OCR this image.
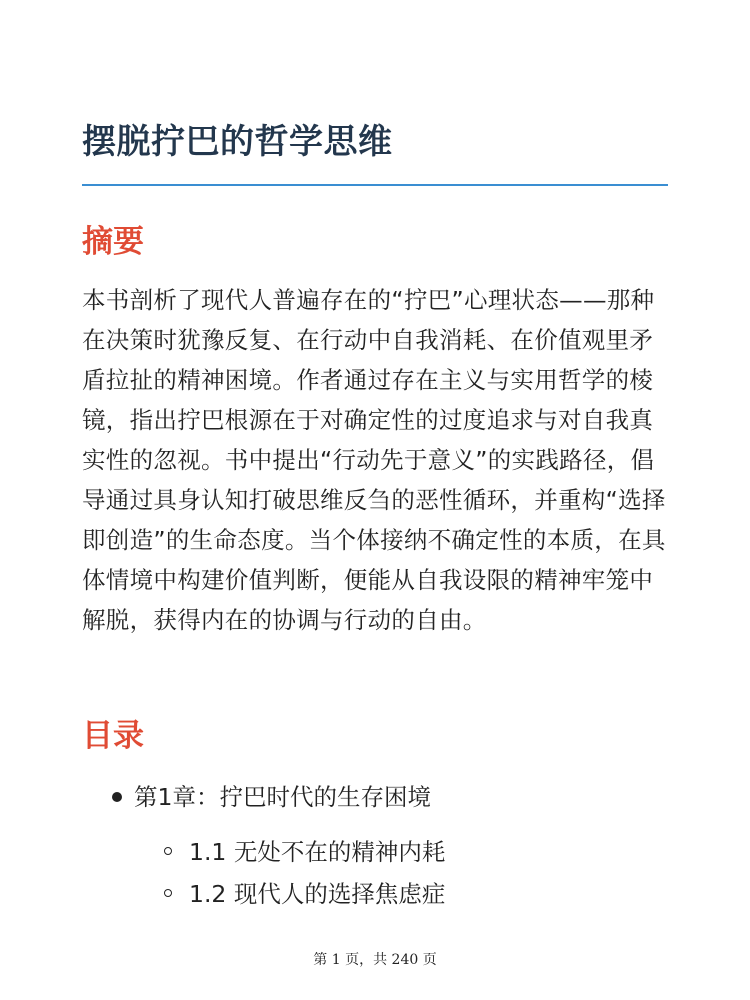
摆脱拧巴的哲学思维
摘要

本书剖析了现代人普遍存在的“拧巴”心理状态——那种在决策时犹豫反复、在行动中自我消耗、在价值观里矛盾拉扯的精神困境。作者通过存在主义与实用哲学的棱镜，指出拧巴根源在于对确定性的过度追求与对自我真实性的忽视。书中提出“行动先于意义”的实践路径，倡导通过具身认知打破思维反刍的恶性循环，并重构“选择即创造”的生命态度。当个体接纳不确定性的本质，在具体情境中构建价值判断，便能从自我设限的精神牢笼中解脱，获得内在的协调与行动的自由。

目录
第1章：拧巴时代的生存困境
1.1 无处不在的精神内耗
1.2 现代人的选择焦虑症
第 1 页，共 240 页
